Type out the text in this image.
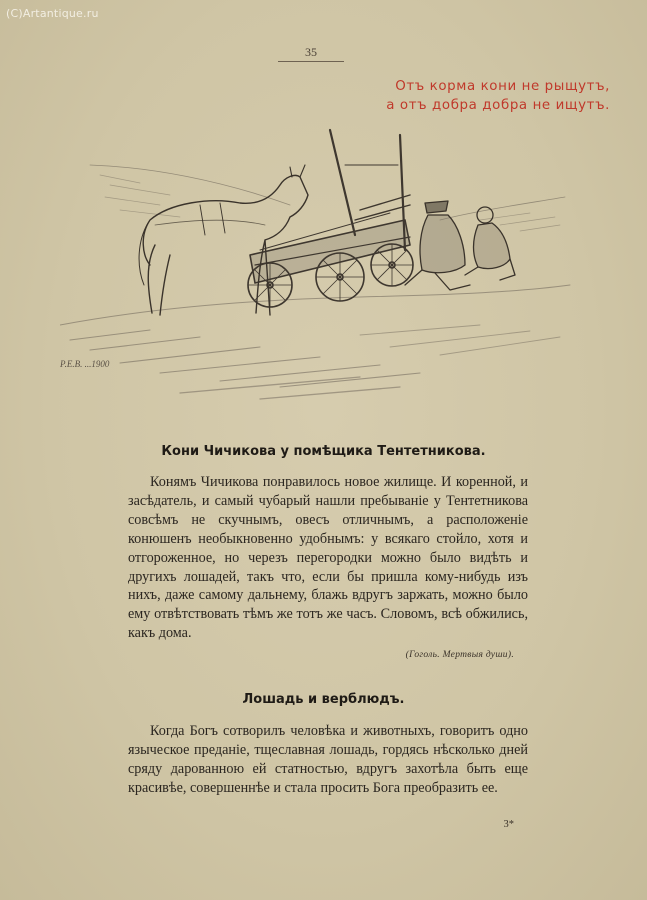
(C)Artantique.ru
35
Отъ корма кони не рыщутъ,
а отъ добра добра не ищутъ.
Р.Е.В. ...1900
Кони Чичикова у помѣщика Тентетникова.

Конямъ Чичикова понравилось новое жилище. И коренной, и засѣдатель, и самый чубарый нашли пребываніе у Тентетникова совсѣмъ не скучнымъ, овесъ отличнымъ, а расположеніе конюшенъ необыкновенно удобнымъ: у всякаго стойло, хотя и отгороженное, но черезъ перегородки можно было видѣть и другихъ лошадей, такъ что, если бы пришла кому-нибудь изъ нихъ, даже самому дальнему, блажь вдругъ заржать, можно было ему отвѣтствовать тѣмъ же тотъ же часъ. Словомъ, всѣ обжились, какъ дома.

(Гоголь. Мертвыя души).
Лошадь и верблюдъ.

Когда Богъ сотворилъ человѣка и животныхъ, говоритъ одно языческое преданіе, тщеславная лошадь, гордясь нѣсколько дней сряду дарованною ей статностью, вдругъ захотѣла быть еще красивѣе, совершеннѣе и стала просить Бога преобразить ее.

3*
